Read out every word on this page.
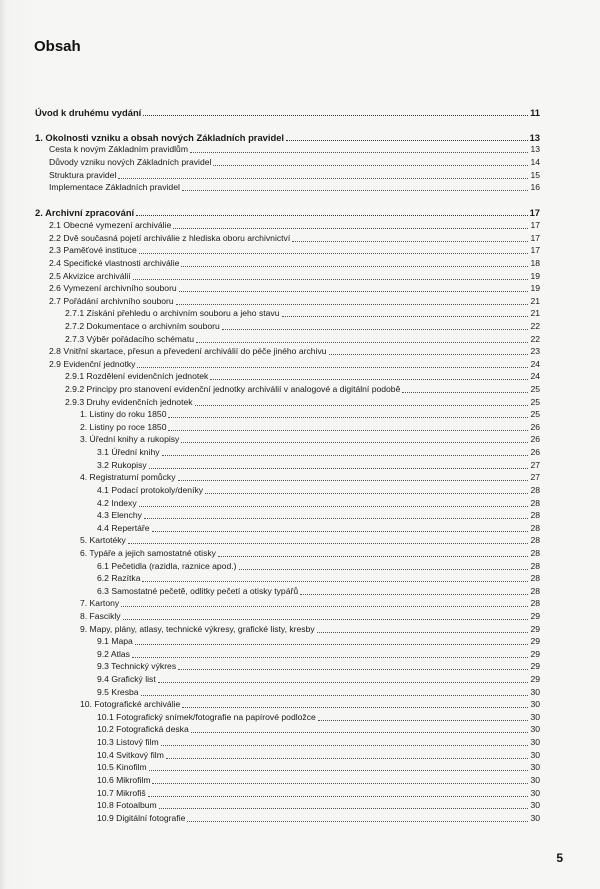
Obsah
Úvod k druhému vydání	11
1. Okolnosti vzniku a obsah nových Základních pravidel	13
Cesta k novým Základním pravidlům	13
Důvody vzniku nových Základních pravidel	14
Struktura pravidel	15
Implementace Základních pravidel	16
2. Archivní zpracování	17
2.1 Obecné vymezení archiválie	17
2.2 Dvě současná pojetí archiválie z hlediska oboru archivnictví	17
2.3 Paměťové instituce	17
2.4 Specifické vlastnosti archiválie	18
2.5 Akvizice archiválií	19
2.6 Vymezení archivního souboru	19
2.7 Pořádání archivního souboru	21
2.7.1 Získání přehledu o archivním souboru a jeho stavu	21
2.7.2 Dokumentace o archivním souboru	22
2.7.3 Výběr pořádacího schématu	22
2.8 Vnitřní skartace, přesun a převedení archiválií do péče jiného archivu	23
2.9 Evidenční jednotky	24
2.9.1 Rozdělení evidenčních jednotek	24
2.9.2 Principy pro stanovení evidenční jednotky archiválií v analogové a digitální podobě	25
2.9.3 Druhy evidenčních jednotek	25
1. Listiny do roku 1850	25
2. Listiny po roce 1850	26
3. Úřední knihy a rukopisy	26
3.1 Úřední knihy	26
3.2 Rukopisy	27
4. Registraturní pomůcky	27
4.1 Podací protokoly/deníky	28
4.2 Indexy	28
4.3 Elenchy	28
4.4 Repertáře	28
5. Kartotéky	28
6. Typáře a jejich samostatné otisky	28
6.1 Pečetidla (razidla, raznice apod.)	28
6.2 Razítka	28
6.3 Samostatné pečetě, odlitky pečetí a otisky typářů	28
7. Kartony	28
8. Fascikly	29
9. Mapy, plány, atlasy, technické výkresy, grafické listy, kresby	29
9.1 Mapa	29
9.2 Atlas	29
9.3 Technický výkres	29
9.4 Grafický list	29
9.5 Kresba	30
10. Fotografické archiválie	30
10.1 Fotografický snímek/fotografie na papírové podložce	30
10.2 Fotografická deska	30
10.3 Listový film	30
10.4 Svitkový film	30
10.5 Kinofilm	30
10.6 Mikrofilm	30
10.7 Mikrofiš	30
10.8 Fotoalbum	30
10.9 Digitální fotografie	30
5
